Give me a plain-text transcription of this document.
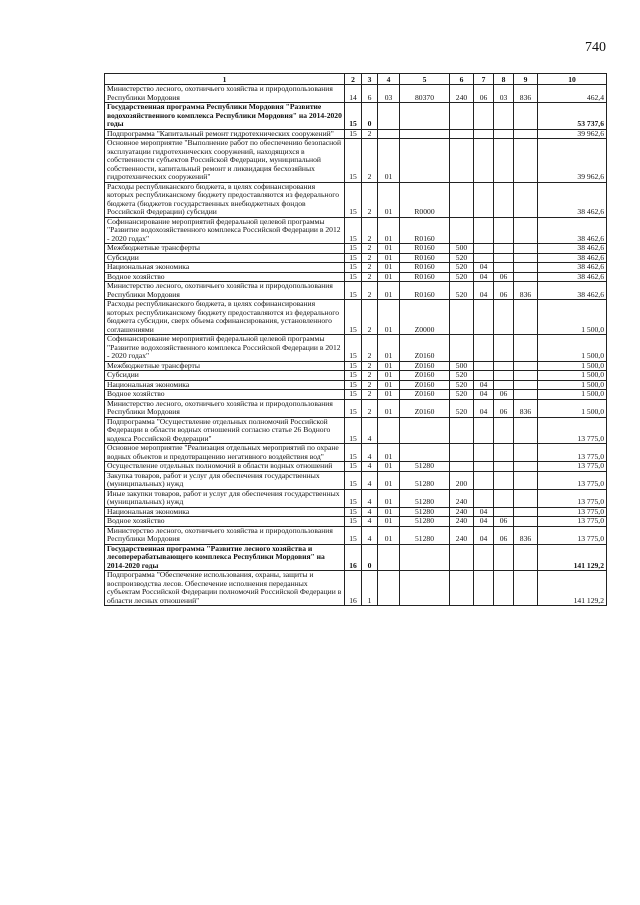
740
1	2	3	4	5	6	7	8	9	10
Министерство лесного, охотничьего хозяйства и природопользования Республики Мордовия	14	6	03	80370	240	06	03	836	462,4
Государственная программа Республики Мордовия "Развитие водохозяйственного комплекса Республики Мордовия" на 2014-2020 годы	15	0							53 737,6
Подпрограмма "Капитальный ремонт гидротехнических сооружений"	15	2							39 962,6
Основное мероприятие "Выполнение работ по обеспечению безопасной эксплуатации гидротехнических сооружений, находящихся в собственности субъектов Российской Федерации, муниципальной собственности, капитальный ремонт и ликвидация бесхозяйных гидротехнических сооружений"	15	2	01						39 962,6
Расходы республиканского бюджета, в целях софинансирования которых республиканскому бюджету предоставляются из федерального бюджета (бюджетов государственных внебюджетных фондов Российской Федерации) субсидии	15	2	01	R0000					38 462,6
Софинансирование мероприятий федеральной целевой программы "Развитие водохозяйственного комплекса Российской Федерации в 2012 - 2020 годах"	15	2	01	R0160					38 462,6
Межбюджетные трансферты	15	2	01	R0160	500				38 462,6
Субсидии	15	2	01	R0160	520				38 462,6
Национальная экономика	15	2	01	R0160	520	04			38 462,6
Водное хозяйство	15	2	01	R0160	520	04	06		38 462,6
Министерство лесного, охотничьего хозяйства и природопользования Республики Мордовия	15	2	01	R0160	520	04	06	836	38 462,6
Расходы республиканского бюджета, в целях софинансирования которых республиканскому бюджету предоставляются из федерального бюджета субсидии, сверх объема софинансирования, установленного соглашениями	15	2	01	Z0000					1 500,0
Софинансирование мероприятий федеральной целевой программы "Развитие водохозяйственного комплекса Российской Федерации в 2012 - 2020 годах"	15	2	01	Z0160					1 500,0
Межбюджетные трансферты	15	2	01	Z0160	500				1 500,0
Субсидии	15	2	01	Z0160	520				1 500,0
Национальная экономика	15	2	01	Z0160	520	04			1 500,0
Водное хозяйство	15	2	01	Z0160	520	04	06		1 500,0
Министерство лесного, охотничьего хозяйства и природопользования Республики Мордовия	15	2	01	Z0160	520	04	06	836	1 500,0
Подпрограмма "Осуществление отдельных полномочий Российской Федерации в области водных отношений согласно статье 26 Водного кодекса Российской Федерации"	15	4							13 775,0
Основное мероприятие "Реализация отдельных мероприятий по охране водных объектов и предотвращению негативного воздействия вод"	15	4	01						13 775,0
Осуществление отдельных полномочий в области водных отношений	15	4	01	51280					13 775,0
Закупка товаров, работ и услуг для обеспечения государственных (муниципальных) нужд	15	4	01	51280	200				13 775,0
Иные закупки товаров, работ и услуг для обеспечения государственных (муниципальных) нужд	15	4	01	51280	240				13 775,0
Национальная экономика	15	4	01	51280	240	04			13 775,0
Водное хозяйство	15	4	01	51280	240	04	06		13 775,0
Министерство лесного, охотничьего хозяйства и природопользования Республики Мордовия	15	4	01	51280	240	04	06	836	13 775,0
Государственная программа "Развитие лесного хозяйства и лесоперерабатывающего комплекса Республики Мордовия" на 2014-2020 годы	16	0							141 129,2
Подпрограмма "Обеспечение использования, охраны, защиты и воспроизводства лесов. Обеспечение исполнения переданных субъектам Российской Федерации полномочий Российской Федерации в области лесных отношений"	16	1							141 129,2
